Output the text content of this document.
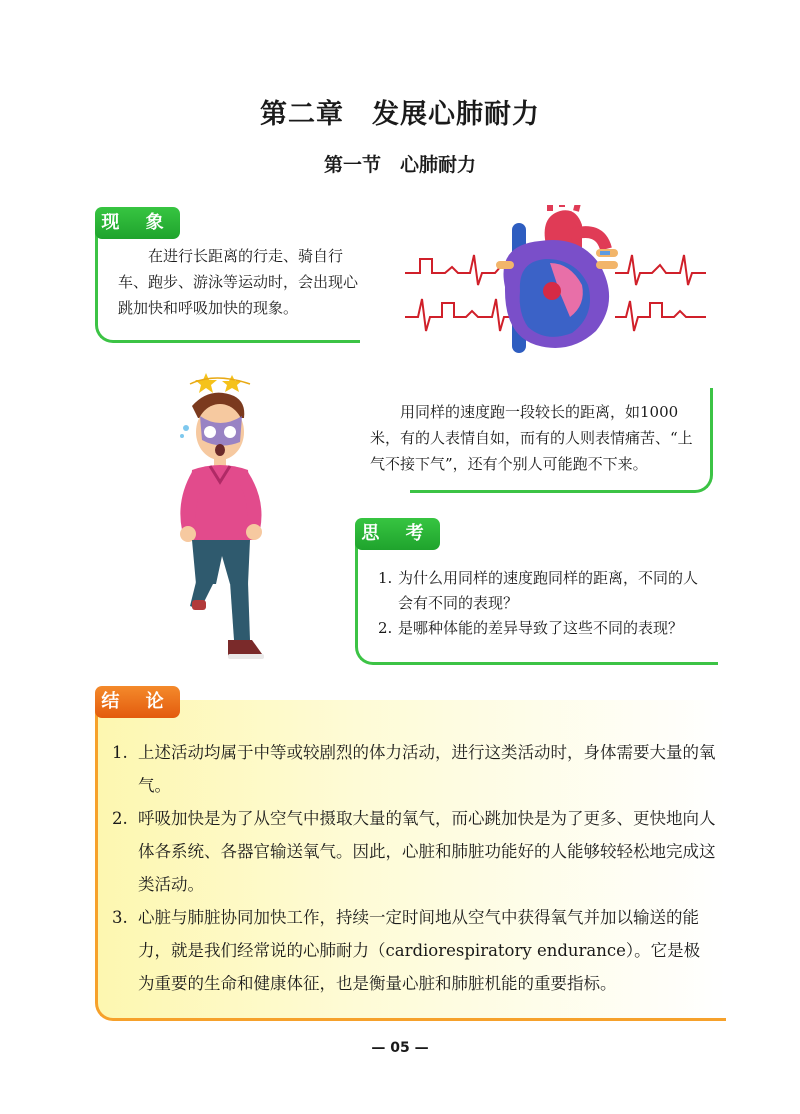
第二章　发展心肺耐力
第一节　心肺耐力
现 象
在进行长距离的行走、骑自行车、跑步、游泳等运动时，会出现心跳加快和呼吸加快的现象。
用同样的速度跑一段较长的距离，如1000米，有的人表情自如，而有的人则表情痛苦、“上气不接下气”，还有个别人可能跑不下来。
思 考
1. 为什么用同样的速度跑同样的距离，不同的人会有不同的表现？
2. 是哪种体能的差异导致了这些不同的表现？
结 论
1. 上述活动均属于中等或较剧烈的体力活动，进行这类活动时，身体需要大量的氧气。
2. 呼吸加快是为了从空气中摄取大量的氧气，而心跳加快是为了更多、更快地向人体各系统、各器官输送氧气。因此，心脏和肺脏功能好的人能够较轻松地完成这类活动。
3. 心脏与肺脏协同加快工作，持续一定时间地从空气中获得氧气并加以输送的能力，就是我们经常说的心肺耐力（cardiorespiratory endurance）。它是极为重要的生命和健康体征，也是衡量心脏和肺脏机能的重要指标。
— 05 —
